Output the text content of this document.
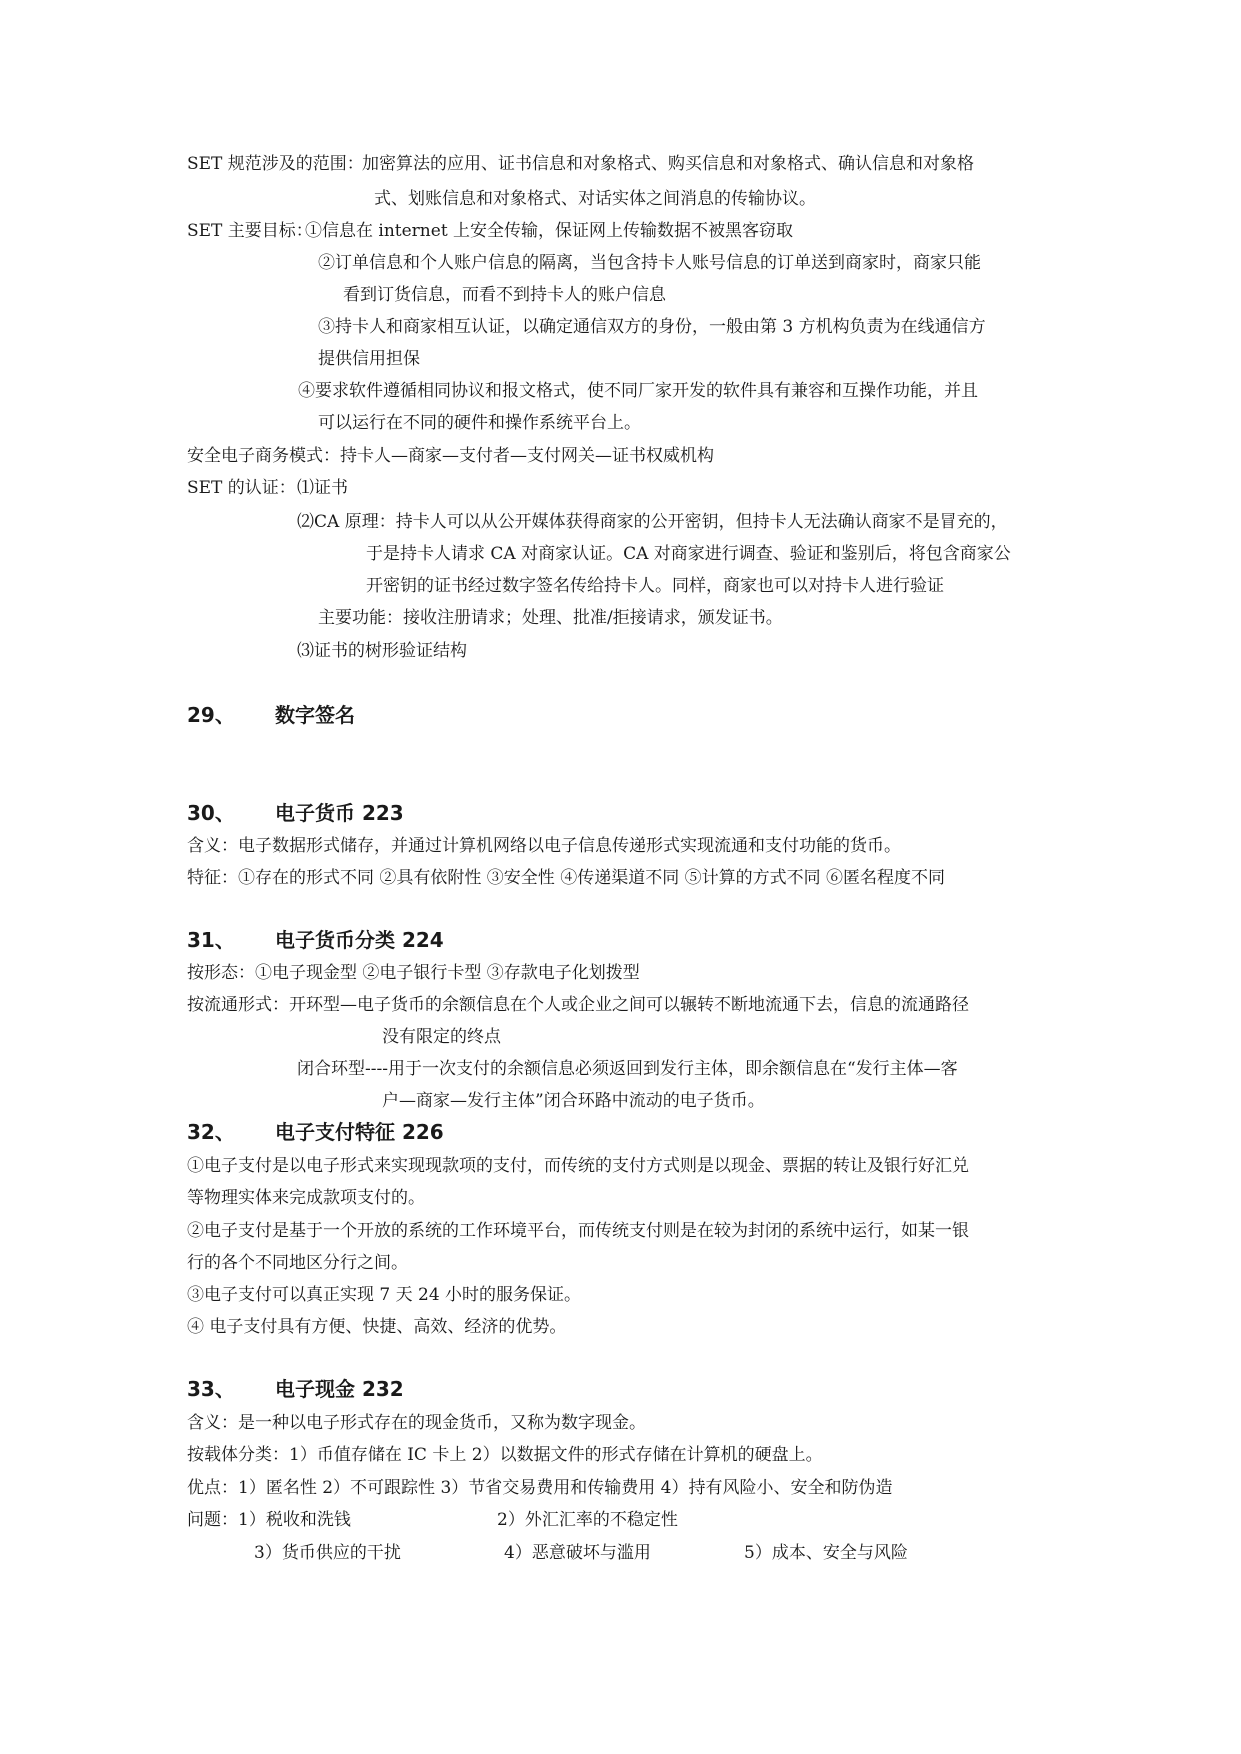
SET 规范涉及的范围：
加密算法的应用、证书信息和对象格式、购买信息和对象格式、确认信息和对象格
式、划账信息和对象格式、对话实体之间消息的传输协议。
SET 主要目标：
①信息在 internet 上安全传输，保证网上传输数据不被黑客窃取
②订单信息和个人账户信息的隔离，当包含持卡人账号信息的订单送到商家时，商家只能
看到订货信息，而看不到持卡人的账户信息
③持卡人和商家相互认证，以确定通信双方的身份，一般由第 3 方机构负责为在线通信方
提供信用担保
④要求软件遵循相同协议和报文格式，使不同厂家开发的软件具有兼容和互操作功能，并且
可以运行在不同的硬件和操作系统平台上。
安全电子商务模式：持卡人—商家—支付者—支付网关—证书权威机构
SET 的认证： ⑴证书
⑵CA 原理：持卡人可以从公开媒体获得商家的公开密钥，但持卡人无法确认商家不是冒充的，
于是持卡人请求 CA 对商家认证。CA 对商家进行调查、验证和鉴别后，将包含商家公
开密钥的证书经过数字签名传给持卡人。同样，商家也可以对持卡人进行验证
主要功能：接收注册请求；处理、批准/拒接请求，颁发证书。
⑶证书的树形验证结构
29、 数字签名
30、 电子货币 223
含义：电子数据形式储存，并通过计算机网络以电子信息传递形式实现流通和支付功能的货币。
特征：①存在的形式不同 ②具有依附性 ③安全性 ④传递渠道不同 ⑤计算的方式不同 ⑥匿名程度不同
31、 电子货币分类 224
按形态：①电子现金型 ②电子银行卡型 ③存款电子化划拨型
按流通形式：开环型—电子货币的余额信息在个人或企业之间可以辗转不断地流通下去，信息的流通路径
没有限定的终点
闭合环型----用于一次支付的余额信息必须返回到发行主体，即余额信息在“发行主体—客
户—商家—发行主体”闭合环路中流动的电子货币。
32、 电子支付特征 226
①电子支付是以电子形式来实现现款项的支付，而传统的支付方式则是以现金、票据的转让及银行好汇兑
等物理实体来完成款项支付的。
②电子支付是基于一个开放的系统的工作环境平台，而传统支付则是在较为封闭的系统中运行，如某一银
行的各个不同地区分行之间。
③电子支付可以真正实现 7 天 24 小时的服务保证。
④ 电子支付具有方便、快捷、高效、经济的优势。
33、 电子现金 232
含义：是一种以电子形式存在的现金货币，又称为数字现金。
按载体分类：1）币值存储在 IC 卡上 2）以数据文件的形式存储在计算机的硬盘上。
优点：1）匿名性 2）不可跟踪性 3）节省交易费用和传输费用 4）持有风险小、安全和防伪造
问题：1）税收和洗钱	2）外汇汇率的不稳定性
3）货币供应的干扰	4）恶意破坏与滥用	5）成本、安全与风险
